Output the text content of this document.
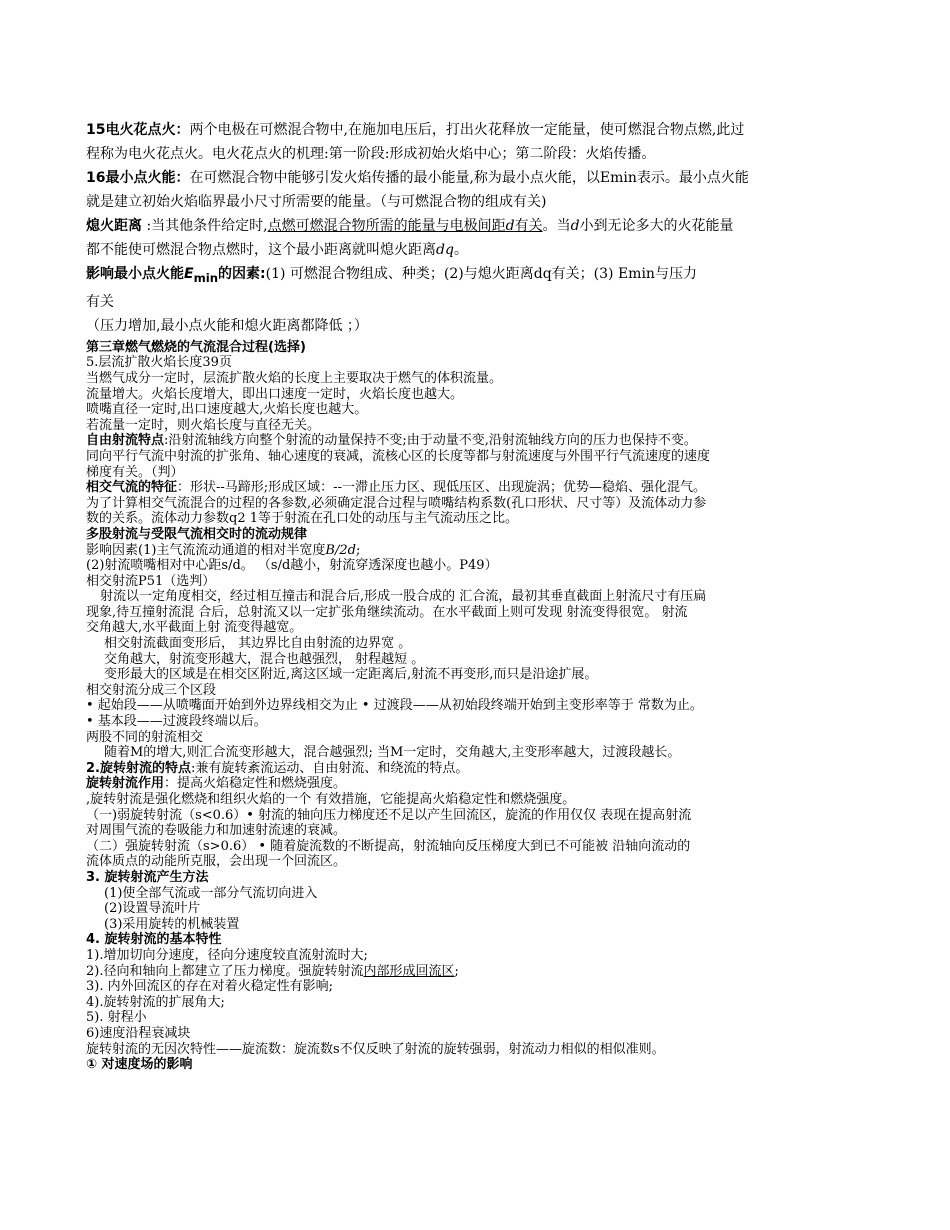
15电火花点火：两个电极在可燃混合物中,在施加电压后，打出火花释放一定能量，使可燃混合物点燃,此过

程称为电火花点火。电火花点火的机理:第一阶段:形成初始火焰中心；第二阶段：火焰传播。

16最小点火能：在可燃混合物中能够引发火焰传播的最小能量,称为最小点火能，以Emin表示。最小点火能

就是建立初始火焰临界最小尺寸所需要的能量。（与可燃混合物的组成有关)

熄火距离 :当其他条件给定时,点燃可燃混合物所需的能量与电极间距d有关。当d小到无论多大的火花能量

都不能使可燃混合物点燃时，这个最小距离就叫熄火距离dq。

影响最小点火能$E_{min}$的因素:(1) 可燃混合物组成、种类；(2)与熄火距离dq有关；(3) Emin与压力

有关

（压力增加,最小点火能和熄火距离都降低 ；）

第三章燃气燃烧的气流混合过程(选择)

5.层流扩散火焰长度39页

当燃气成分一定时，层流扩散火焰的长度上主要取决于燃气的体积流量。

流量增大。火焰长度增大，即出口速度一定时，火焰长度也越大。

喷嘴直径一定时,出口速度越大,火焰长度也越大。

若流量一定时，则火焰长度与直径无关。

自由射流特点:沿射流轴线方向整个射流的动量保持不变;由于动量不变,沿射流轴线方向的压力也保持不变。

同向平行气流中射流的扩张角、轴心速度的衰减，流核心区的长度等都与射流速度与外围平行气流速度的速度

梯度有关。（判）

相交气流的特征：形状--马蹄形;形成区域：--一滞止压力区、现低压区、出现旋涡；优势—稳焰、强化混气。

为了计算相交气流混合的过程的各参数,必须确定混合过程与喷嘴结构系数(孔口形状、尺寸等）及流体动力参

数的关系。流体动力参数q2 1等于射流在孔口处的动压与主气流动压之比。

多股射流与受限气流相交时的流动规律

影响因素(1)主气流流动通道的相对半宽度B/2d;

(2)射流喷嘴相对中心距s/d。 （s/d越小，射流穿透深度也越小。P49）

相交射流P51（选判）

射流以一定角度相交，经过相互撞击和混合后,形成一股合成的 汇合流，最初其垂直截面上射流尺寸有压扁

现象,待互撞射流混 合后，总射流又以一定扩张角继续流动。在水平截面上则可发现 射流变得很宽。 射流

交角越大,水平截面上射 流变得越宽。

相交射流截面变形后， 其边界比自由射流的边界宽 。

交角越大，射流变形越大，混合也越强烈， 射程越短 。

变形最大的区域是在相交区附近,离这区域一定距离后,射流不再变形,而只是沿途扩展。

相交射流分成三个区段

• 起始段——从喷嘴面开始到外边界线相交为止 • 过渡段——从初始段终端开始到主变形率等于 常数为止。

• 基本段——过渡段终端以后。

两股不同的射流相交

随着M的增大,则汇合流变形越大，混合越强烈; 当M一定时，交角越大,主变形率越大，过渡段越长。

2.旋转射流的特点:兼有旋转紊流运动、自由射流、和绕流的特点。

旋转射流作用：提高火焰稳定性和燃烧强度。

,旋转射流是强化燃烧和组织火焰的一个 有效措施，它能提高火焰稳定性和燃烧强度。

（一)弱旋转射流（s<0.6）• 射流的轴向压力梯度还不足以产生回流区，旋流的作用仅仅 表现在提高射流

对周围气流的卷吸能力和加速射流速的衰减。

（二）强旋转射流（s>0.6） • 随着旋流数的不断提高，射流轴向反压梯度大到已不可能被 沿轴向流动的

流体质点的动能所克服，会出现一个回流区。

3. 旋转射流产生方法

(1)使全部气流或一部分气流切向进入

(2)设置导流叶片

(3)采用旋转的机械装置

4. 旋转射流的基本特性

1).增加切向分速度，径向分速度较直流射流时大;

2).径向和轴向上都建立了压力梯度。强旋转射流内部形成回流区;

3). 内外回流区的存在对着火稳定性有影响;

4).旋转射流的扩展角大;

5). 射程小

6)速度沿程衰减块

旋转射流的无因次特性——旋流数：旋流数s不仅反映了射流的旋转强弱，射流动力相似的相似准则。

① 对速度场的影响
